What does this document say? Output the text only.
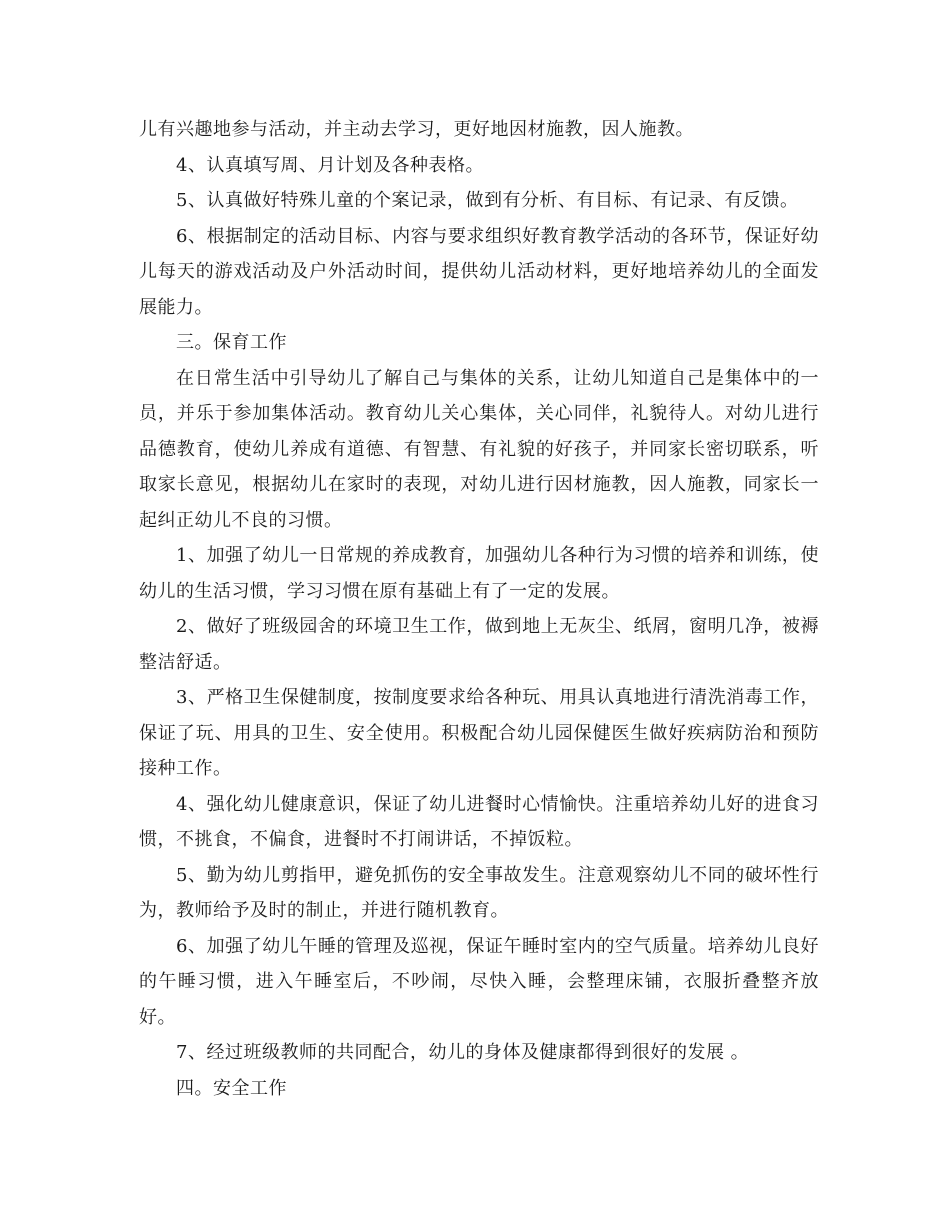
儿有兴趣地参与活动，并主动去学习，更好地因材施教，因人施教。

4、认真填写周、月计划及各种表格。

5、认真做好特殊儿童的个案记录，做到有分析、有目标、有记录、有反馈。

6、根据制定的活动目标、内容与要求组织好教育教学活动的各环节，保证好幼儿每天的游戏活动及户外活动时间，提供幼儿活动材料，更好地培养幼儿的全面发展能力。

三。保育工作

在日常生活中引导幼儿了解自己与集体的关系，让幼儿知道自己是集体中的一员，并乐于参加集体活动。教育幼儿关心集体，关心同伴，礼貌待人。对幼儿进行品德教育，使幼儿养成有道德、有智慧、有礼貌的好孩子，并同家长密切联系，听取家长意见，根据幼儿在家时的表现，对幼儿进行因材施教，因人施教，同家长一起纠正幼儿不良的习惯。

1、加强了幼儿一日常规的养成教育，加强幼儿各种行为习惯的培养和训练，使幼儿的生活习惯，学习习惯在原有基础上有了一定的发展。

2、做好了班级园舍的环境卫生工作，做到地上无灰尘、纸屑，窗明几净，被褥整洁舒适。

3、严格卫生保健制度，按制度要求给各种玩、用具认真地进行清洗消毒工作，保证了玩、用具的卫生、安全使用。积极配合幼儿园保健医生做好疾病防治和预防接种工作。

4、强化幼儿健康意识，保证了幼儿进餐时心情愉快。注重培养幼儿好的进食习惯，不挑食，不偏食，进餐时不打闹讲话，不掉饭粒。

5、勤为幼儿剪指甲，避免抓伤的安全事故发生。注意观察幼儿不同的破坏性行为，教师给予及时的制止，并进行随机教育。

6、加强了幼儿午睡的管理及巡视，保证午睡时室内的空气质量。培养幼儿良好的午睡习惯，进入午睡室后，不吵闹，尽快入睡，会整理床铺，衣服折叠整齐放好。

7、经过班级教师的共同配合，幼儿的身体及健康都得到很好的发展 。

四。安全工作
